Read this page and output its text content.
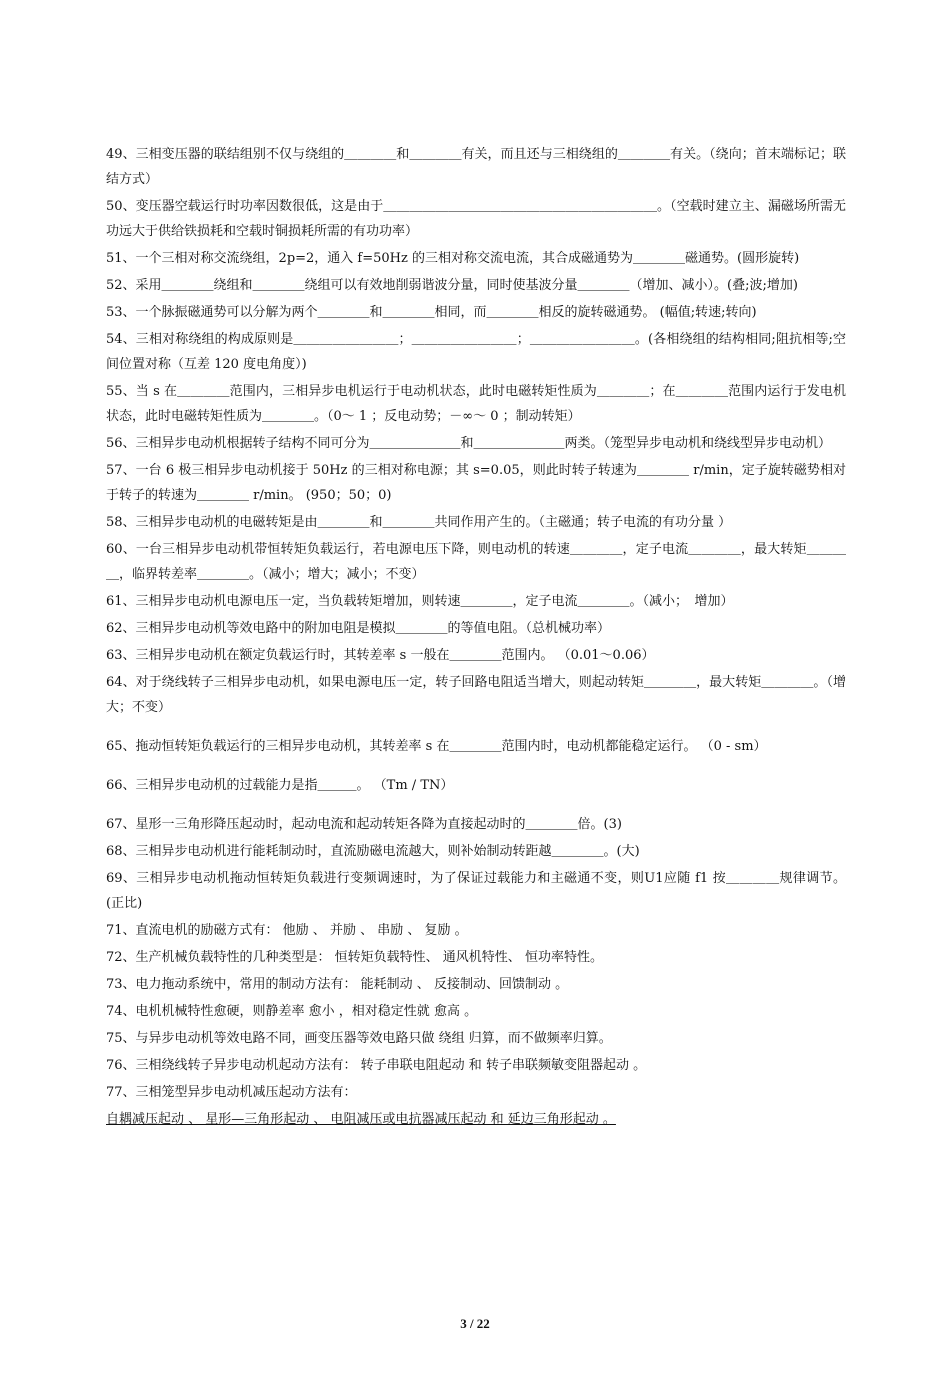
49、三相变压器的联结组别不仅与绕组的＿＿＿＿和＿＿＿＿有关，而且还与三相绕组的＿＿＿＿有关。（绕向；首末端标记；联结方式）

50、变压器空载运行时功率因数很低，这是由于＿＿＿＿＿＿＿＿＿＿＿＿＿＿＿＿＿＿＿＿＿。（空载时建立主、漏磁场所需无功远大于供给铁损耗和空载时铜损耗所需的有功功率）

51、一个三相对称交流绕组，2p=2，通入 f=50Hz 的三相对称交流电流，其合成磁通势为＿＿＿＿磁通势。(圆形旋转)

52、采用＿＿＿＿绕组和＿＿＿＿绕组可以有效地削弱谐波分量，同时使基波分量＿＿＿＿（增加、减小）。(叠;波;增加)

53、一个脉振磁通势可以分解为两个＿＿＿＿和＿＿＿＿相同，而＿＿＿＿相反的旋转磁通势。 (幅值;转速;转向)

54、三相对称绕组的构成原则是＿＿＿＿＿＿＿＿；＿＿＿＿＿＿＿＿；＿＿＿＿＿＿＿＿。(各相绕组的结构相同;阻抗相等;空间位置对称（互差 120 度电角度）)

55、当 s 在＿＿＿＿范围内，三相异步电机运行于电动机状态，此时电磁转矩性质为＿＿＿＿；在＿＿＿＿范围内运行于发电机状态，此时电磁转矩性质为＿＿＿＿。（0～ 1 ；反电动势；－∞～ 0 ；制动转矩）

56、三相异步电动机根据转子结构不同可分为＿＿＿＿＿＿＿和＿＿＿＿＿＿＿两类。（笼型异步电动机和绕线型异步电动机）

57、一台 6 极三相异步电动机接于 50Hz 的三相对称电源；其 s=0.05，则此时转子转速为＿＿＿＿ r/min，定子旋转磁势相对于转子的转速为＿＿＿＿ r/min。 (950；50；0)

58、三相异步电动机的电磁转矩是由＿＿＿＿和＿＿＿＿共同作用产生的。（主磁通；转子电流的有功分量 ）

60、一台三相异步电动机带恒转矩负载运行，若电源电压下降，则电动机的转速＿＿＿＿，定子电流＿＿＿＿，最大转矩＿＿＿＿，临界转差率＿＿＿＿。（减小；增大；减小；不变）

61、三相异步电动机电源电压一定，当负载转矩增加，则转速＿＿＿＿，定子电流＿＿＿＿。（减小；　增加）

62、三相异步电动机等效电路中的附加电阻是模拟＿＿＿＿的等值电阻。（总机械功率）

63、三相异步电动机在额定负载运行时，其转差率 s 一般在＿＿＿＿范围内。 （0.01～0.06）

64、对于绕线转子三相异步电动机，如果电源电压一定，转子回路电阻适当增大，则起动转矩＿＿＿＿，最大转矩＿＿＿＿。（增大；不变）

65、拖动恒转矩负载运行的三相异步电动机，其转差率 s 在＿＿＿＿范围内时，电动机都能稳定运行。 （0 - sm）

66、三相异步电动机的过载能力是指＿＿＿。 （Tm / TN）

67、星形一三角形降压起动时，起动电流和起动转矩各降为直接起动时的＿＿＿＿倍。(3)

68、三相异步电动机进行能耗制动时，直流励磁电流越大，则补始制动转距越＿＿＿＿。(大)

69、三相异步电动机拖动恒转矩负载进行变频调速时，为了保证过载能力和主磁通不变，则U1应随 f1 按＿＿＿＿规律调节。 (正比)

71、直流电机的励磁方式有： 他励 、 并励 、 串励 、 复励 。

72、生产机械负载特性的几种类型是： 恒转矩负载特性、 通风机特性、 恒功率特性。

73、电力拖动系统中，常用的制动方法有： 能耗制动 、 反接制动、回馈制动 。

74、电机机械特性愈硬，则静差率 愈小 ，相对稳定性就 愈高 。

75、与异步电动机等效电路不同，画变压器等效电路只做 绕组 归算，而不做频率归算。

76、三相绕线转子异步电动机起动方法有： 转子串联电阻起动 和 转子串联频敏变阻器起动 。

77、三相笼型异步电动机减压起动方法有：

自耦减压起动 、 星形—三角形起动 、 电阻减压或电抗器减压起动 和 延边三角形起动 。

3 / 22
